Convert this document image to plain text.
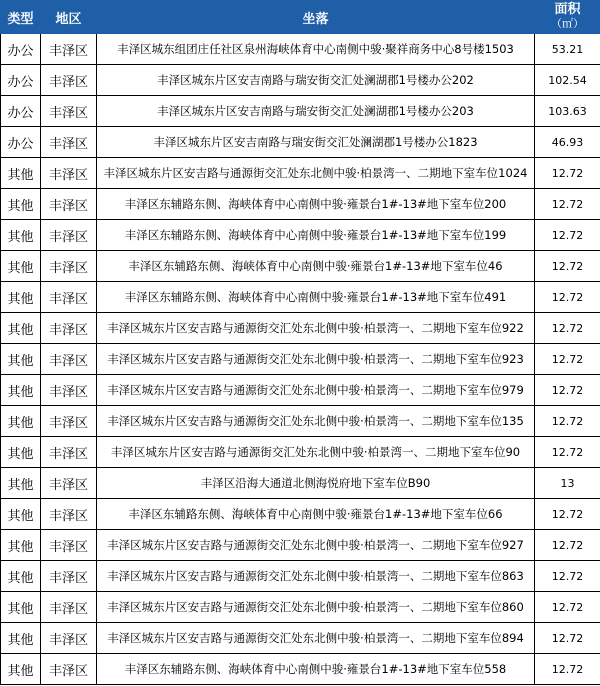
类型	地区	坐落	面积
（㎡）

办公	丰泽区	丰泽区城东组团庄任社区泉州海峡体育中心南侧中骏·聚祥商务中心8号楼1503	53.21
办公	丰泽区	丰泽区城东片区安吉南路与瑞安街交汇处澜湖郡1号楼办公202	102.54
办公	丰泽区	丰泽区城东片区安吉南路与瑞安街交汇处澜湖郡1号楼办公203	103.63
办公	丰泽区	丰泽区城东片区安吉南路与瑞安街交汇处澜湖郡1号楼办公1823	46.93
其他	丰泽区	丰泽区城东片区安吉路与通源街交汇处东北侧中骏·柏景湾一、二期地下室车位1024	12.72
其他	丰泽区	丰泽区东辅路东侧、海峡体育中心南侧中骏·雍景台1#-13#地下室车位200	12.72
其他	丰泽区	丰泽区东辅路东侧、海峡体育中心南侧中骏·雍景台1#-13#地下室车位199	12.72
其他	丰泽区	丰泽区东辅路东侧、海峡体育中心南侧中骏·雍景台1#-13#地下室车位46	12.72
其他	丰泽区	丰泽区东辅路东侧、海峡体育中心南侧中骏·雍景台1#-13#地下室车位491	12.72
其他	丰泽区	丰泽区城东片区安吉路与通源街交汇处东北侧中骏·柏景湾一、二期地下室车位922	12.72
其他	丰泽区	丰泽区城东片区安吉路与通源街交汇处东北侧中骏·柏景湾一、二期地下室车位923	12.72
其他	丰泽区	丰泽区城东片区安吉路与通源街交汇处东北侧中骏·柏景湾一、二期地下室车位979	12.72
其他	丰泽区	丰泽区城东片区安吉路与通源街交汇处东北侧中骏·柏景湾一、二期地下室车位135	12.72
其他	丰泽区	丰泽区城东片区安吉路与通源街交汇处东北侧中骏·柏景湾一、二期地下室车位90	12.72
其他	丰泽区	丰泽区沿海大通道北侧海悦府地下室车位B90	13
其他	丰泽区	丰泽区东辅路东侧、海峡体育中心南侧中骏·雍景台1#-13#地下室车位66	12.72
其他	丰泽区	丰泽区城东片区安吉路与通源街交汇处东北侧中骏·柏景湾一、二期地下室车位927	12.72
其他	丰泽区	丰泽区城东片区安吉路与通源街交汇处东北侧中骏·柏景湾一、二期地下室车位863	12.72
其他	丰泽区	丰泽区城东片区安吉路与通源街交汇处东北侧中骏·柏景湾一、二期地下室车位860	12.72
其他	丰泽区	丰泽区城东片区安吉路与通源街交汇处东北侧中骏·柏景湾一、二期地下室车位894	12.72
其他	丰泽区	丰泽区东辅路东侧、海峡体育中心南侧中骏·雍景台1#-13#地下室车位558	12.72
